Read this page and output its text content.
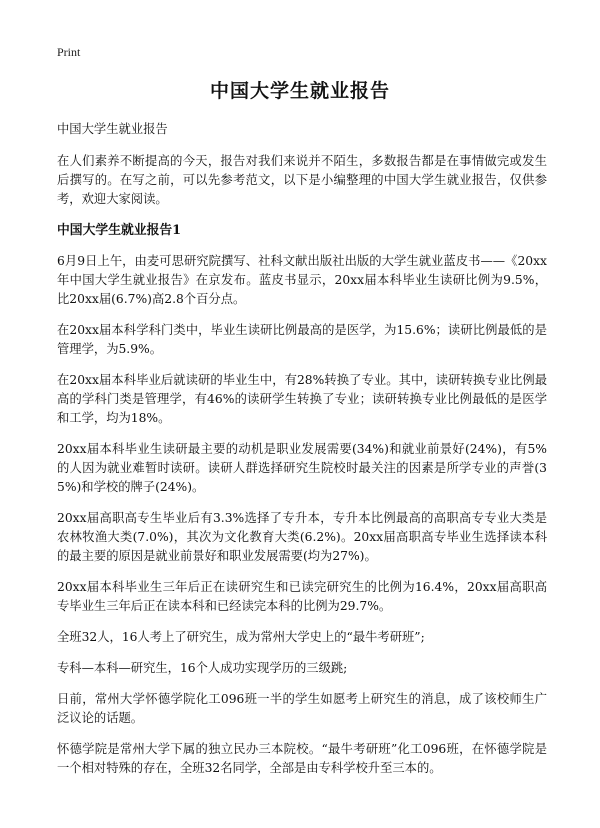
Print
中国大学生就业报告

中国大学生就业报告

在人们素养不断提高的今天，报告对我们来说并不陌生，多数报告都是在事情做完或发生后撰写的。在写之前，可以先参考范文，以下是小编整理的中国大学生就业报告，仅供参考，欢迎大家阅读。

中国大学生就业报告1

6月9日上午，由麦可思研究院撰写、社科文献出版社出版的大学生就业蓝皮书——《20xx年中国大学生就业报告》在京发布。蓝皮书显示，20xx届本科毕业生读研比例为9.5%，比20xx届(6.7%)高2.8个百分点。

在20xx届本科学科门类中，毕业生读研比例最高的是医学，为15.6%；读研比例最低的是管理学，为5.9%。

在20xx届本科毕业后就读研的毕业生中，有28%转换了专业。其中，读研转换专业比例最高的学科门类是管理学，有46%的读研学生转换了专业；读研转换专业比例最低的是医学和工学，均为18%。

20xx届本科毕业生读研最主要的动机是职业发展需要(34%)和就业前景好(24%)，有5%的人因为就业难暂时读研。读研人群选择研究生院校时最关注的因素是所学专业的声誉(35%)和学校的牌子(24%)。

20xx届高职高专生毕业后有3.3%选择了专升本，专升本比例最高的高职高专专业大类是农林牧渔大类(7.0%)，其次为文化教育大类(6.2%)。20xx届高职高专毕业生选择读本科的最主要的原因是就业前景好和职业发展需要(均为27%)。

20xx届本科毕业生三年后正在读研究生和已读完研究生的比例为16.4%，20xx届高职高专毕业生三年后正在读本科和已经读完本科的比例为29.7%。

全班32人，16人考上了研究生，成为常州大学史上的“最牛考研班”;

专科—本科—研究生，16个人成功实现学历的三级跳;

日前，常州大学怀德学院化工096班一半的学生如愿考上研究生的消息，成了该校师生广泛议论的话题。

怀德学院是常州大学下属的独立民办三本院校。“最牛考研班”化工096班，在怀德学院是一个相对特殊的存在，全班32名同学，全部是由专科学校升至三本的。
